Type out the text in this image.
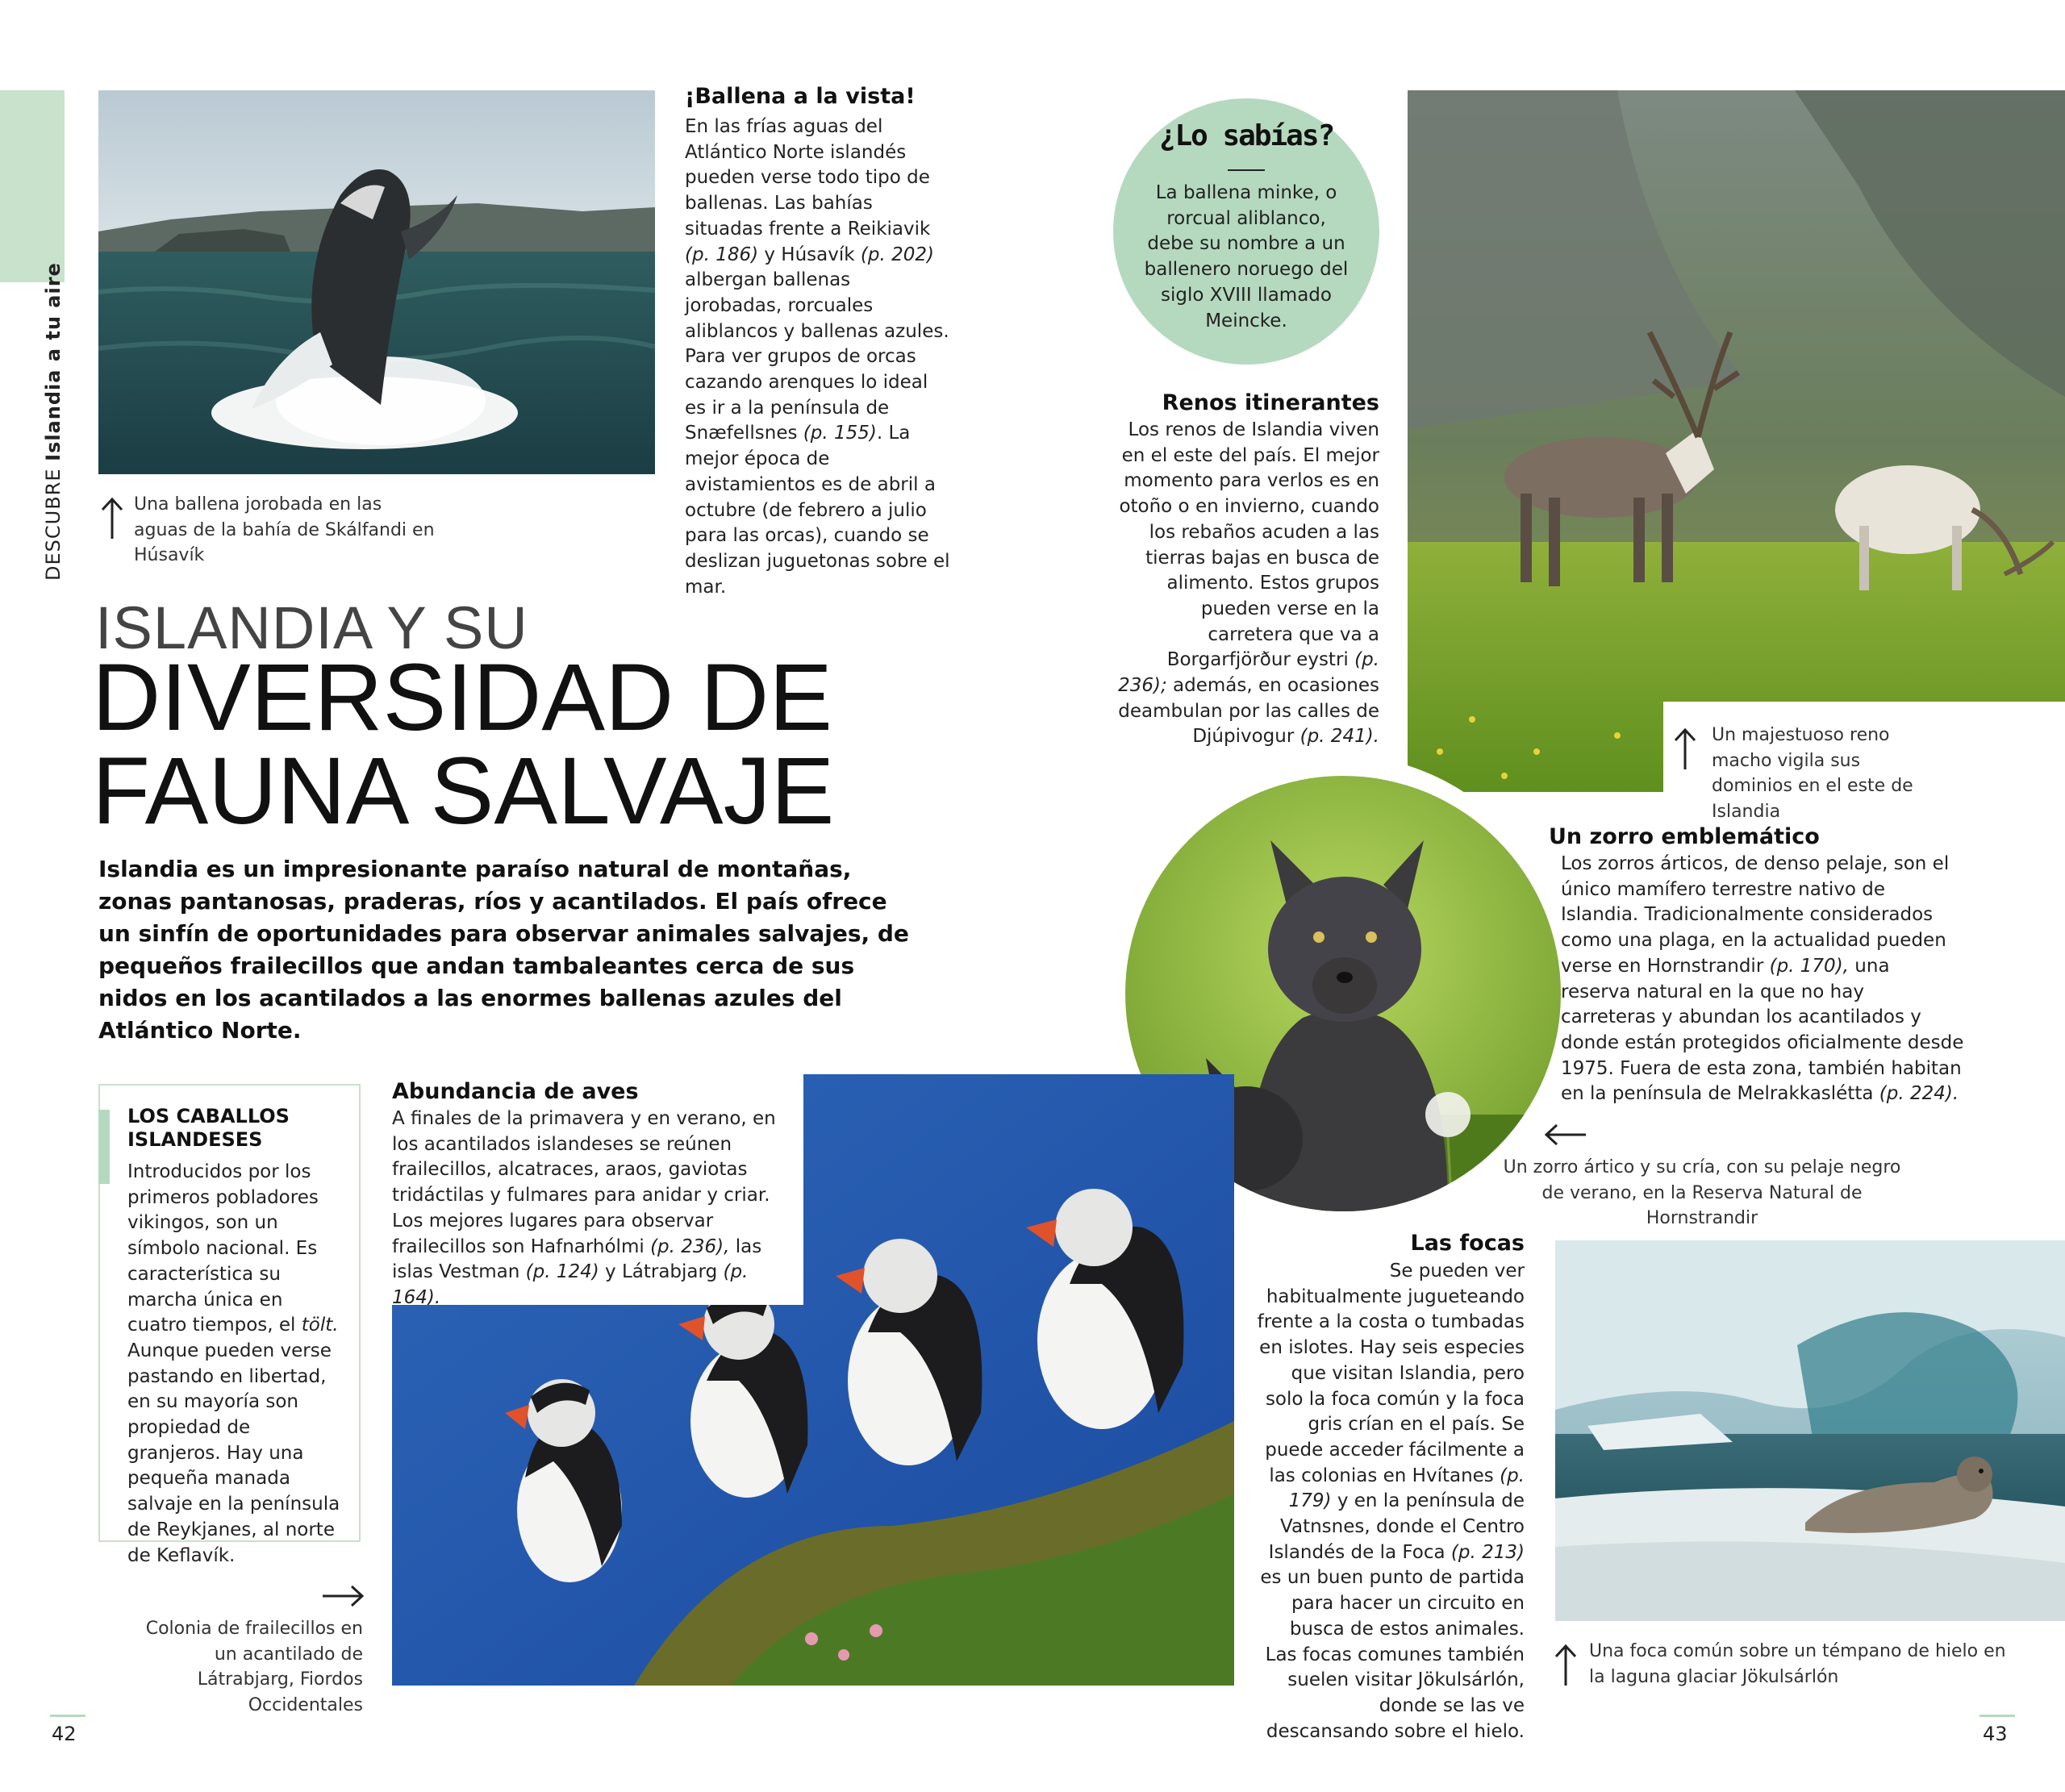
DESCUBRE Islandia a tu aire
Una ballena jorobada en las aguas de la bahía de Skálfandi en Húsavík
¡Ballena a la vista!
En las frías aguas del Atlántico Norte islandés pueden verse todo tipo de ballenas. Las bahías situadas frente a Reikiavik (p. 186) y Húsavík (p. 202) albergan ballenas jorobadas, rorcuales aliblancos y ballenas azules. Para ver grupos de orcas cazando arenques lo ideal es ir a la península de Snæfellsnes (p. 155). La mejor época de avistamientos es de abril a octubre (de febrero a julio para las orcas), cuando se deslizan juguetonas sobre el mar.
¿Lo sabías?
La ballena minke, o rorcual aliblanco, debe su nombre a un ballenero noruego del siglo XVIII llamado Meincke.
Un majestuoso reno macho vigila sus dominios en el este de Islandia
Renos itinerantes
Los renos de Islandia viven en el este del país. El mejor momento para verlos es en otoño o en invierno, cuando los rebaños acuden a las tierras bajas en busca de alimento. Estos grupos pueden verse en la carretera que va a Borgarfjörður eystri (p. 236); además, en ocasiones deambulan por las calles de Djúpivogur (p. 241).
ISLANDIA Y SU
DIVERSIDAD DE
FAUNA SALVAJE
Islandia es un impresionante paraíso natural de montañas, zonas pantanosas, praderas, ríos y acantilados. El país ofrece un sinfín de oportunidades para observar animales salvajes, de pequeños frailecillos que andan tambaleantes cerca de sus nidos en los acantilados a las enormes ballenas azules del Atlántico Norte.
Un zorro emblemático
Los zorros árticos, de denso pelaje, son el único mamífero terrestre nativo de Islandia. Tradicionalmente considerados como una plaga, en la actualidad pueden verse en Hornstrandir (p. 170), una reserva natural en la que no hay carreteras y abundan los acantilados y donde están protegidos oficialmente desde 1975. Fuera de esta zona, también habitan en la península de Melrakkaslétta (p. 224).
Un zorro ártico y su cría, con su pelaje negro de verano, en la Reserva Natural de Hornstrandir
LOS CABALLOS ISLANDESES
Introducidos por los primeros pobladores vikingos, son un símbolo nacional. Es característica su marcha única en cuatro tiempos, el tölt. Aunque pueden verse pastando en libertad, en su mayoría son propiedad de granjeros. Hay una pequeña manada salvaje en la península de Reykjanes, al norte de Keflavík.
Colonia de frailecillos en un acantilado de Látrabjarg, Fiordos Occidentales
Abundancia de aves
A finales de la primavera y en verano, en los acantilados islandeses se reúnen frailecillos, alcatraces, araos, gaviotas tridáctilas y fulmares para anidar y criar. Los mejores lugares para observar frailecillos son Hafnarhólmi (p. 236), las islas Vestman (p. 124) y Látrabjarg (p. 164).
Las focas
Se pueden ver habitualmente jugueteando frente a la costa o tumbadas en islotes. Hay seis especies que visitan Islandia, pero solo la foca común y la foca gris crían en el país. Se puede acceder fácilmente a las colonias en Hvítanes (p. 179) y en la península de Vatnsnes, donde el Centro Islandés de la Foca (p. 213) es un buen punto de partida para hacer un circuito en busca de estos animales. Las focas comunes también suelen visitar Jökulsárlón, donde se las ve descansando sobre el hielo.
Una foca común sobre un témpano de hielo en la laguna glaciar Jökulsárlón
42	43
